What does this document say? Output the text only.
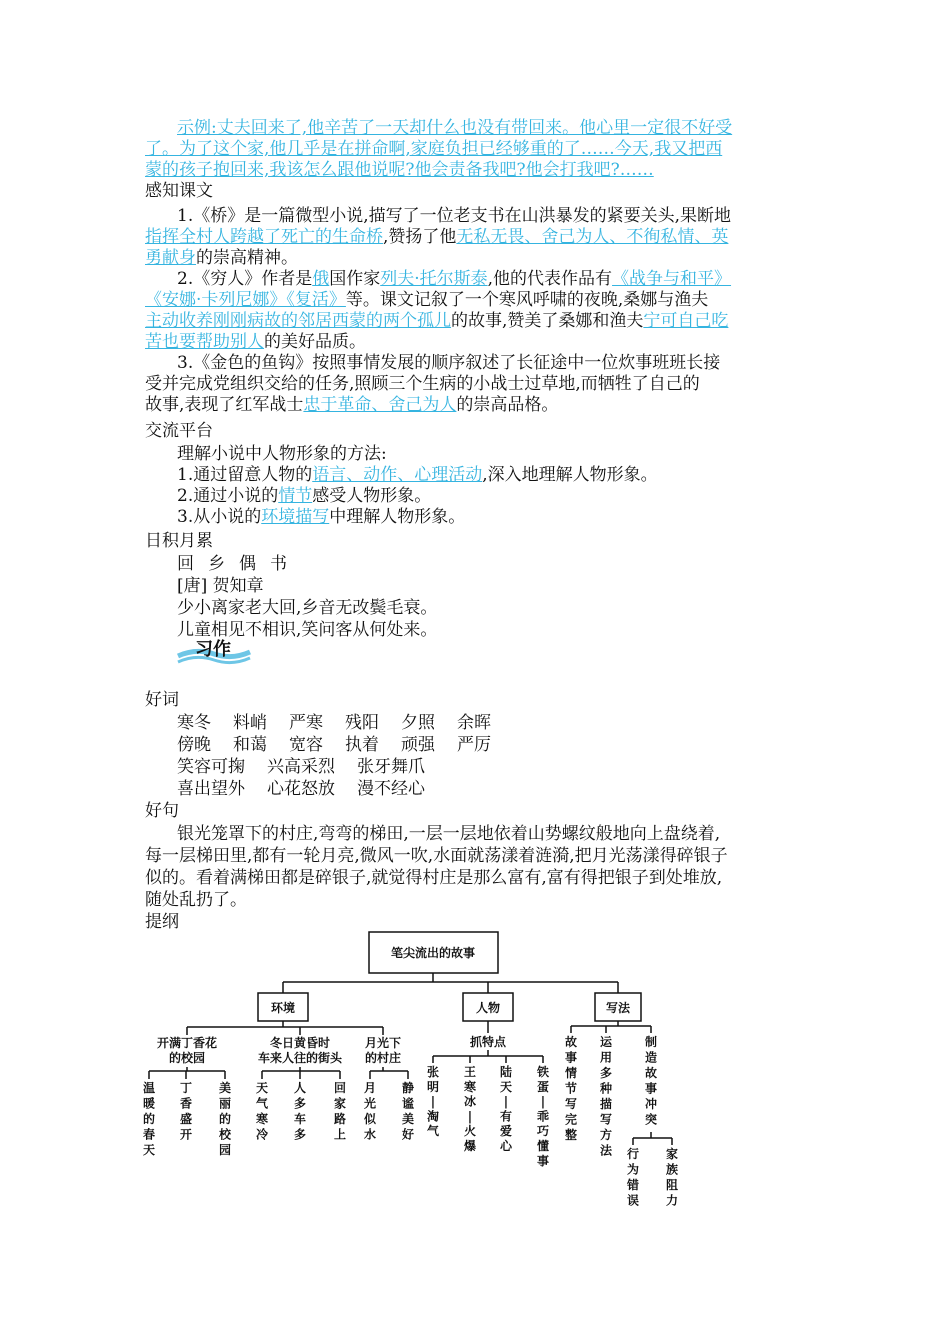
示例:丈夫回来了,他辛苦了一天却什么也没有带回来。他心里一定很不好受
了。为了这个家,他几乎是在拼命啊,家庭负担已经够重的了……今天,我又把西
蒙的孩子抱回来,我该怎么跟他说呢?他会责备我吧?他会打我吧?……
感知课文
1.《桥》是一篇微型小说,描写了一位老支书在山洪暴发的紧要关头,果断地
指挥全村人跨越了死亡的生命桥,赞扬了他无私无畏、舍己为人、不徇私情、英
勇献身的崇高精神。
2.《穷人》作者是俄国作家列夫·托尔斯泰,他的代表作品有《战争与和平》
《安娜·卡列尼娜》《复活》等。课文记叙了一个寒风呼啸的夜晚,桑娜与渔夫
主动收养刚刚病故的邻居西蒙的两个孤儿的故事,赞美了桑娜和渔夫宁可自己吃
苦也要帮助别人的美好品质。
3.《金色的鱼钩》按照事情发展的顺序叙述了长征途中一位炊事班班长接
受并完成党组织交给的任务,照顾三个生病的小战士过草地,而牺牲了自己的
故事,表现了红军战士忠于革命、舍己为人的崇高品格。
交流平台
理解小说中人物形象的方法:
1.通过留意人物的语言、动作、心理活动,深入地理解人物形象。
2.通过小说的情节感受人物形象。
3.从小说的环境描写中理解人物形象。
日积月累
回 乡 偶 书
[唐] 贺知章
少小离家老大回,乡音无改鬓毛衰。
儿童相见不相识,笑问客从何处来。
习作
好词
寒冬 料峭 严寒 残阳 夕照 余晖
傍晚 和蔼 宽容 执着 顽强 严厉
笑容可掬 兴高采烈 张牙舞爪
喜出望外 心花怒放 漫不经心
好句
银光笼罩下的村庄,弯弯的梯田,一层一层地依着山势螺纹般地向上盘绕着,
每一层梯田里,都有一轮月亮,微风一吹,水面就荡漾着涟漪,把月光荡漾得碎银子
似的。看着满梯田都是碎银子,就觉得村庄是那么富有,富有得把银子到处堆放,
随处乱扔了。
提纲
笔尖流出的故事
环境	人物	写法
开满丁香花
的校园
冬日黄昏时
车来人往的街头
月光下
的村庄
抓特点
温暖的春天
丁香盛开
美丽的校园
天气寒冷
人多车多
回家路上
月光似水
静谧美好
张明|淘气
王寒冰|火爆
陆天|有爱心
铁蛋|乖巧懂事
故事情节写完整
运用多种描写方法
制造故事冲突
行为错误
家族阻力
